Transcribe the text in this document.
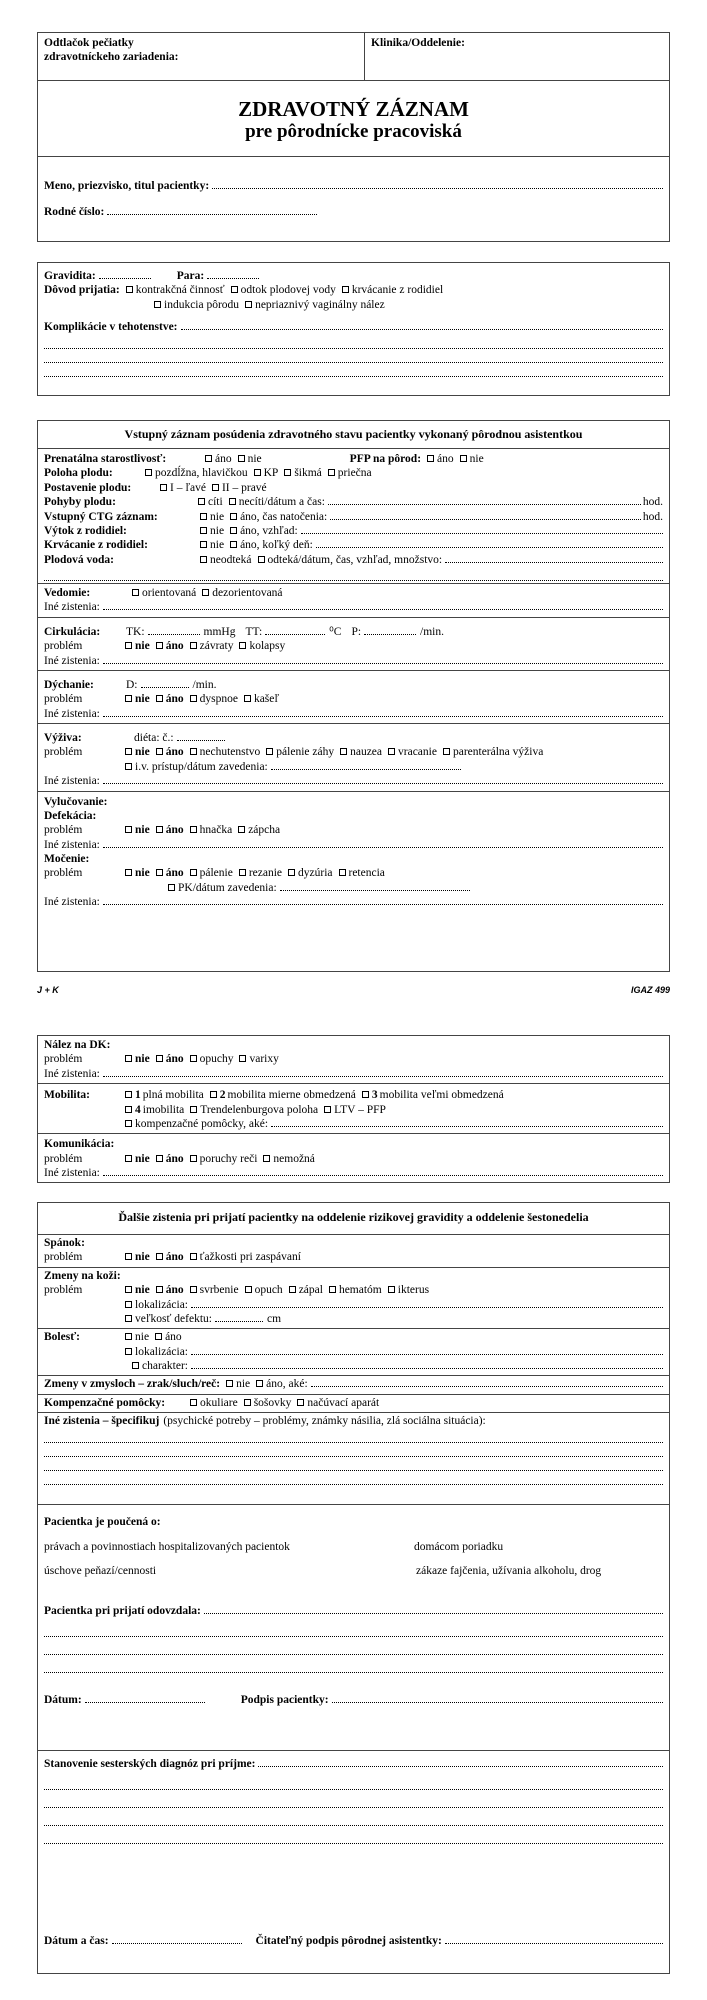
Odtlačok pečiatky
zdravotníckeho zariadenia:
Klinika/Oddelenie:
ZDRAVOTNÝ ZÁZNAM
pre pôrodnícke pracoviská
Meno, priezvisko, titul pacientky:
Rodné číslo:
Gravidita:	Para:
Dôvod prijatia: kontrakčná činnosť odtok plodovej vody krvácanie z rodidiel
indukcia pôrodu nepriaznivý vaginálny nález
Komplikácie v tehotenstve:
Vstupný záznam posúdenia zdravotného stavu pacientky vykonaný pôrodnou asistentkou
Prenatálna starostlivosť:	áno nie	PFP na pôrod: áno nie
Poloha plodu:	pozdĺžna, hlavičkou KP šikmá priečna
Postavenie plodu:	I – ľavé II – pravé
Pohyby plodu:	cíti necíti/dátum a čas:	hod.
Vstupný CTG záznam:	nie áno, čas natočenia:	hod.
Výtok z rodidiel:	nie áno, vzhľad:
Krvácanie z rodidiel:	nie áno, koľký deň:
Plodová voda:	neodteká odteká/dátum, čas, vzhľad, množstvo:
Vedomie:	orientovaná dezorientovaná
Iné zistenia:
Cirkulácia:	TK:	mmHg TT:	⁰C P:	/min.
problém	nie áno závraty kolapsy
Iné zistenia:
Dýchanie:	D:	/min.
problém	nie áno dyspnoe kašeľ
Iné zistenia:
Výživa:	diéta: č.:
problém	nie áno nechutenstvo pálenie záhy nauzea vracanie parenterálna výživa
i.v. prístup/dátum zavedenia:
Iné zistenia:
Vylučovanie:
Defekácia:
problém	nie áno hnačka zápcha
Iné zistenia:
Močenie:
problém	nie áno pálenie rezanie dyzúria retencia
PK/dátum zavedenia:
Iné zistenia:
J + K	IGAZ 499
Nález na DK:
problém	nie áno opuchy varixy
Iné zistenia:
Mobilita:	1 plná mobilita 2 mobilita mierne obmedzená 3 mobilita veľmi obmedzená
4 imobilita Trendelenburgova poloha LTV – PFP
kompenzačné pomôcky, aké:
Komunikácia:
problém	nie áno poruchy reči nemožná
Iné zistenia:
Ďalšie zistenia pri prijatí pacientky na oddelenie rizikovej gravidity a oddelenie šestonedelia
Spánok:
problém	nie áno ťažkosti pri zaspávaní
Zmeny na koži:
problém	nie áno svrbenie opuch zápal hematóm ikterus
lokalizácia:
veľkosť defektu:	cm
Bolesť:	nie áno
lokalizácia:
charakter:
Zmeny v zmysloch – zrak/sluch/reč: nie áno, aké:
Kompenzačné pomôcky:	okuliare šošovky načúvací aparát
Iné zistenia – špecifikuj (psychické potreby – problémy, známky násilia, zlá sociálna situácia):
Pacientka je poučená o:
právach a povinnostiach hospitalizovaných pacientok	domácom poriadku
úschove peňazí/cennosti	zákaze fajčenia, užívania alkoholu, drog
Pacientka pri prijatí odovzdala:
Dátum:	Podpis pacientky:
Stanovenie sesterských diagnóz pri príjme:
Dátum a čas:	Čitateľný podpis pôrodnej asistentky:
